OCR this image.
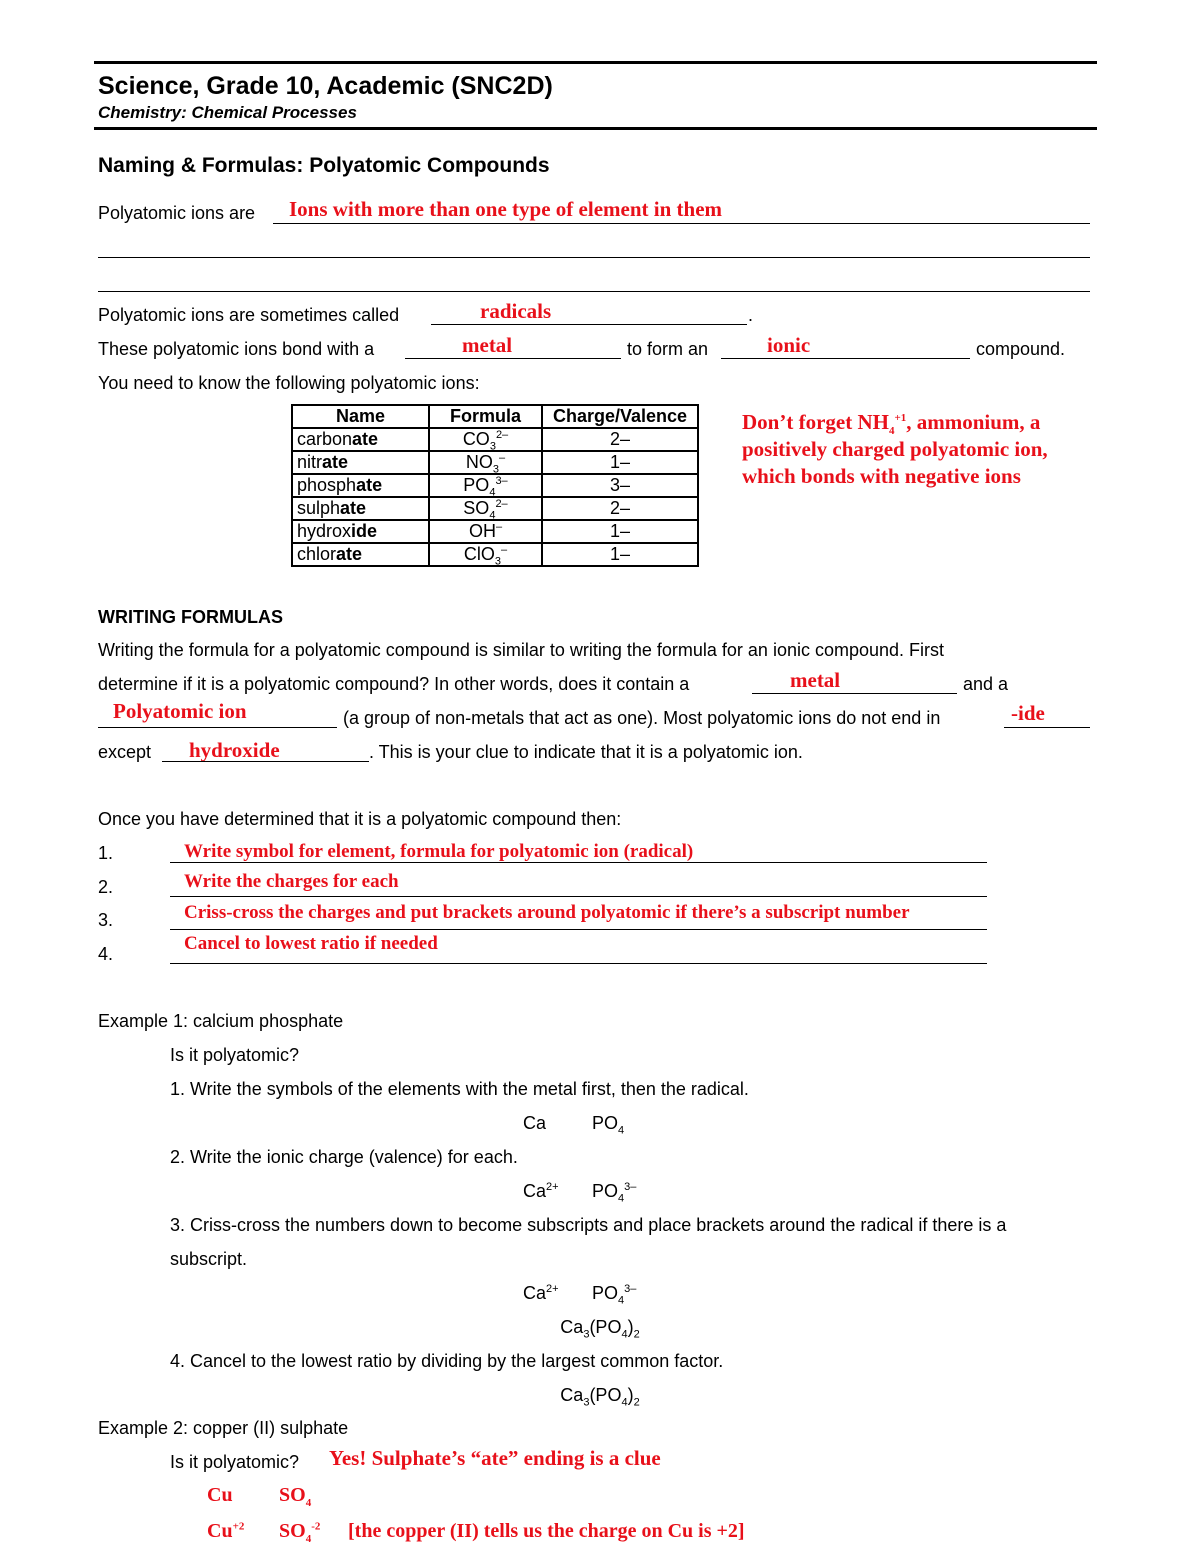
Science, Grade 10, Academic (SNC2D)
Chemistry: Chemical Processes
Naming & Formulas: Polyatomic Compounds
Polyatomic ions are Ions with more than one type of element in them
Polyatomic ions are sometimes called	radicals	.
These polyatomic ions bond with a	metal	to form an	ionic	compound.
You need to know the following polyatomic ions:
Name	Formula	Charge/Valence
carbonate	$CO_3^{2-}$	2–
nitrate	$NO_3^-$	1–
phosphate	$PO_4^{3-}$	3–
sulphate	$SO_4^{2-}$	2–
hydroxide	OH–	1–
chlorate	ClO$_3$–	1–
Don’t forget $NH_4^{+1}$, ammonium, a
positively charged polyatomic ion,
which bonds with negative ions
WRITING FORMULAS
Writing the formula for a polyatomic compound is similar to writing the formula for an ionic compound. First
determine if it is a polyatomic compound? In other words, does it contain a	metal	and a
Polyatomic ion	(a group of non-metals that act as one). Most polyatomic ions do not end in	-ide
except hydroxide	. This is your clue to indicate that it is a polyatomic ion.
Once you have determined that it is a polyatomic compound then:
1.	Write symbol for element, formula for polyatomic ion (radical)
2.	Write the charges for each
3.	Criss-cross the charges and put brackets around polyatomic if there’s a subscript number
4.	Cancel to lowest ratio if needed
Example 1: calcium phosphate
Is it polyatomic?
1. Write the symbols of the elements with the metal first, then the radical.
Ca	$PO_4$
2. Write the ionic charge (valence) for each.
$Ca^{2+}$ $PO_4^{3-}$
3. Criss-cross the numbers down to become subscripts and place brackets around the radical if there is a
subscript.
$Ca^{2+}$ $PO_4^{3-}$
$Ca_3(PO_4)_2$
4. Cancel to the lowest ratio by dividing by the largest common factor.
$Ca_3(PO_4)_2$
Example 2: copper (II) sulphate
Is it polyatomic? Yes! Sulphate’s “ate” ending is a clue
Cu $SO_4$
$Cu^{+2}$ $SO_4^{-2}$ [the copper (II) tells us the charge on Cu is +2]
